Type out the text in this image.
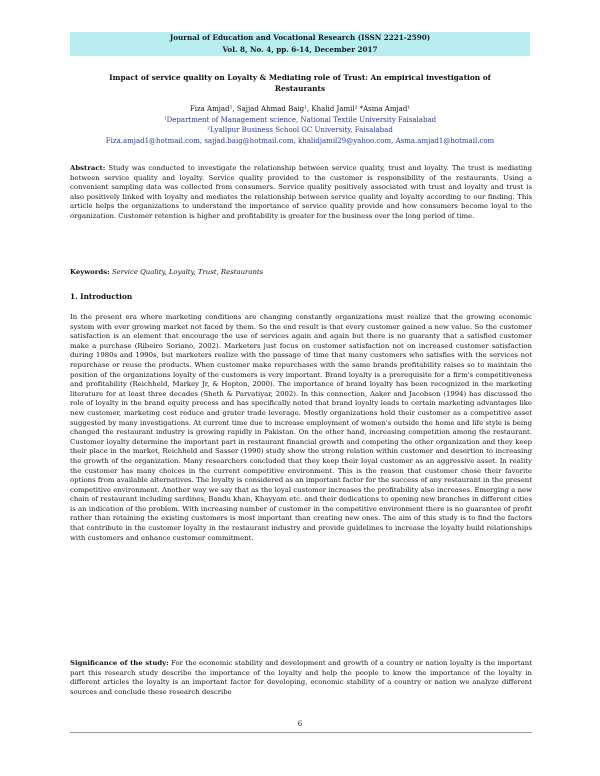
Journal of Education and Vocational Research (ISSN 2221-2590)
Vol. 8, No. 4, pp. 6-14, December 2017
Impact of service quality on Loyalty & Mediating role of Trust: An empirical investigation of Restaurants
Fiza Amjad¹, Sajjad Ahmad Baig¹, Khalid Jamil² *Asma Amjad¹
¹Department of Management science, National Textile University Faisalabad
²Lyallpur Business School GC University, Faisalabad
Fiza.amjad1@hotmail.com, sajjad.baig@hotmail.com, khalidjamil29@yahoo.com, Asma.amjad1@hotmail.com
Abstract: Study was conducted to investigate the relationship between service quality, trust and loyalty. The trust is mediating between service quality and loyalty. Service quality provided to the customer is responsibility of the restaurants. Using a convenient sampling data was collected from consumers. Service quality positively associated with trust and loyalty and trust is also positively linked with loyalty and mediates the relationship between service quality and loyalty according to our finding. This article helps the organizations to understand the importance of service quality provide and how consumers become loyal to the organization. Customer retention is higher and profitability is greater for the business over the long period of time.
Keywords: Service Quality, Loyalty, Trust, Restaurants
1. Introduction
In the present era where marketing conditions are changing constantly organizations must realize that the growing economic system with ever growing market not faced by them. So the end result is that every customer gained a new value. So the customer satisfaction is an element that encourage the use of services again and again but there is no guaranty that a satisfied customer make a purchase (Ribeiro Soriano, 2002). Marketers just focus on customer satisfaction not on increased customer satisfaction during 1980s and 1990s, but marketers realize with the passage of time that many customers who satisfies with the services not repurchase or reuse the products. When customer make repurchases with the same brands profitability raises so to maintain the position of the organizations loyalty of the customers is very important. Brand loyalty is a prerequisite for a firm's competitiveness and profitability (Reichheld, Markey Jr, & Hopton, 2000). The importance of brand loyalty has been recognized in the marketing literature for at least three decades (Sheth & Parvatiyar, 2002). In this connection, Aaker and Jacobson (1994) has discussed the role of loyalty in the brand equity process and has specifically noted that brand loyalty leads to certain marketing advantages like new customer, marketing cost reduce and grater trade leverage. Mostly organizations hold their customer as a competitive asset suggested by many investigations. At current time due to increase employment of women's outside the home and life style is being changed the restaurant industry is growing rapidly in Pakistan. On the other hand, increasing competition among the restaurant. Customer loyalty determine the important part in restaurant financial growth and competing the other organization and they keep their place in the market, Reichheld and Sasser (1990) study show the strong relation within customer and desertion to increasing the growth of the organization. Many researchers concluded that they keep their loyal customer as an aggressive asset. In reality the customer has many choices in the current competitive environment. This is the reason that customer chose their favorite options from available alternatives. The loyalty is considered as an important factor for the success of any restaurant in the present competitive environment. Another way we say that as the loyal customer increases the profitability also increases. Emerging a new chain of restaurant including sardines, Bandu khan, Khayyam etc. and their dedications to opening new branches in different cities is an indication of the problem. With increasing number of customer in the competitive environment there is no guarantee of profit rather than retaining the existing customers is most important than creating new ones. The aim of this study is to find the factors that contribute in the customer loyalty in the restaurant industry and provide guidelines to increase the loyalty build relationships with customers and enhance customer commitment.
Significance of the study: For the economic stability and development and growth of a country or nation loyalty is the important part this research study describe the importance of the loyalty and help the people to know the importance of the loyalty in different articles the loyalty is an important factor for developing, economic stability of a country or nation we analyze different sources and conclude these research describe
6
